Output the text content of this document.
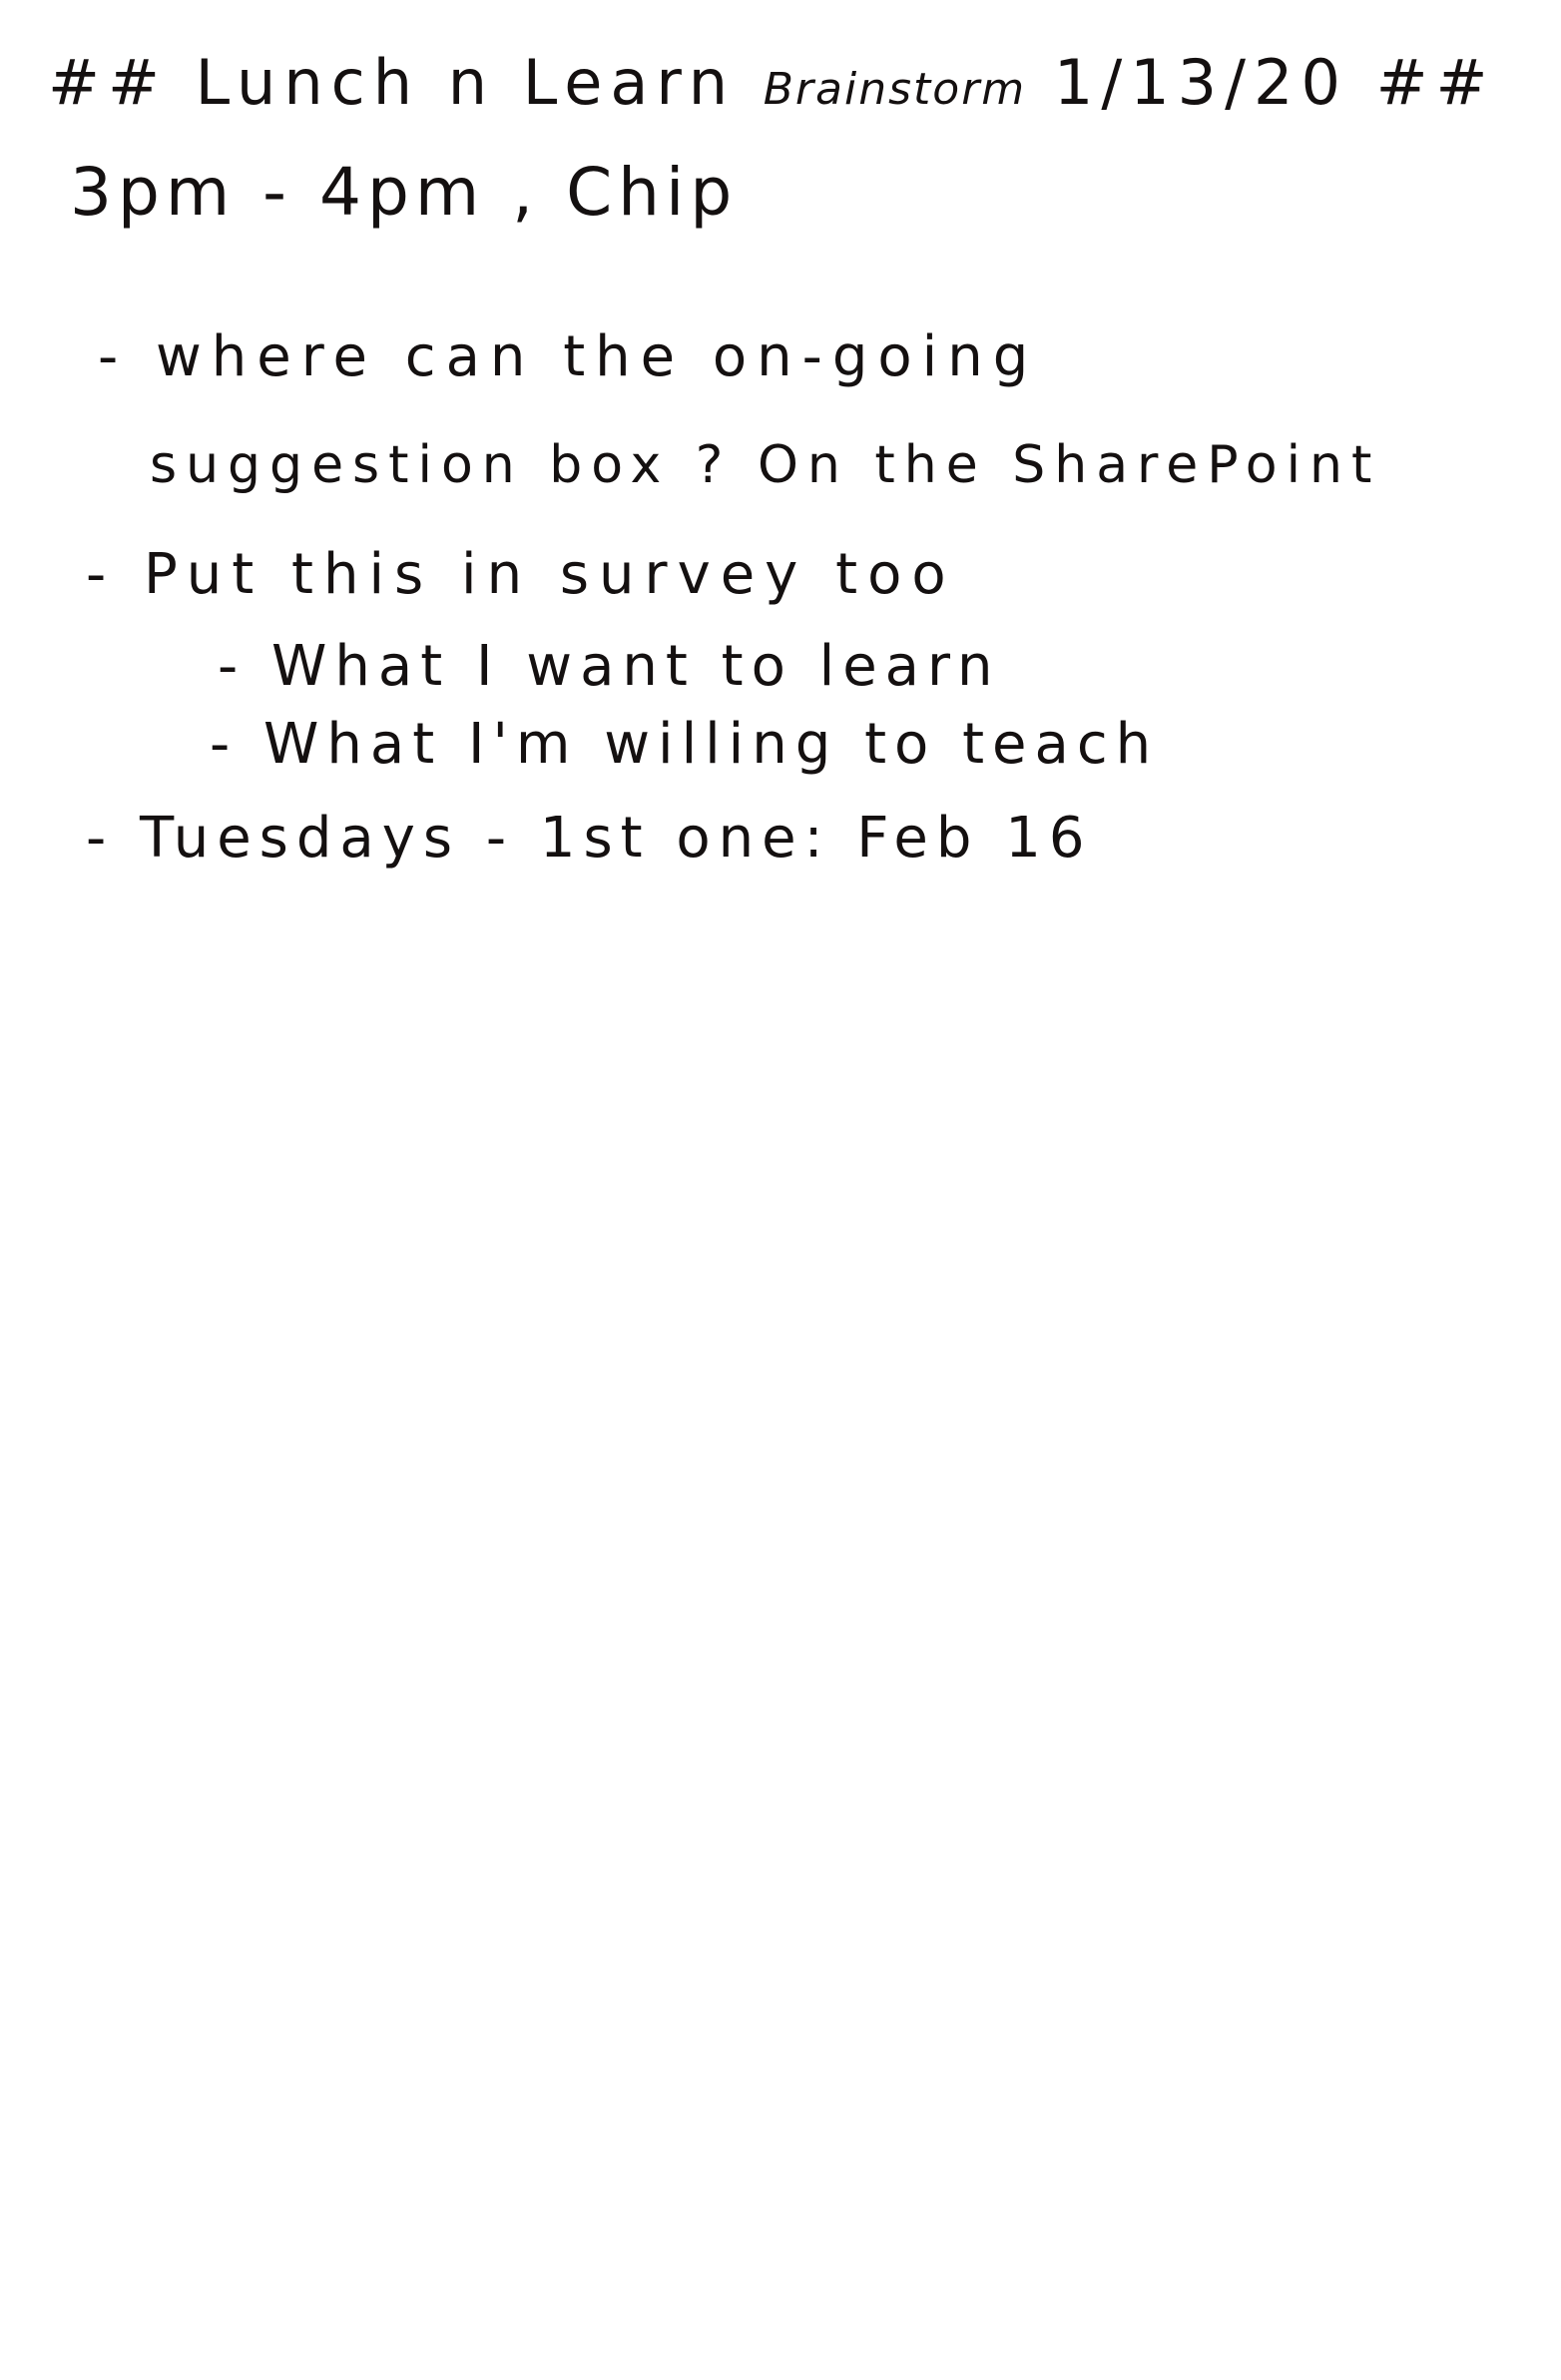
## Lunch n Learn Brainstorm 1/13/20 ##
3pm - 4pm , Chip
- where can the on-going
suggestion box ? On the SharePoint
- Put this in survey too
- What I want to learn
- What I'm willing to teach
- Tuesdays - 1st one: Feb 16
